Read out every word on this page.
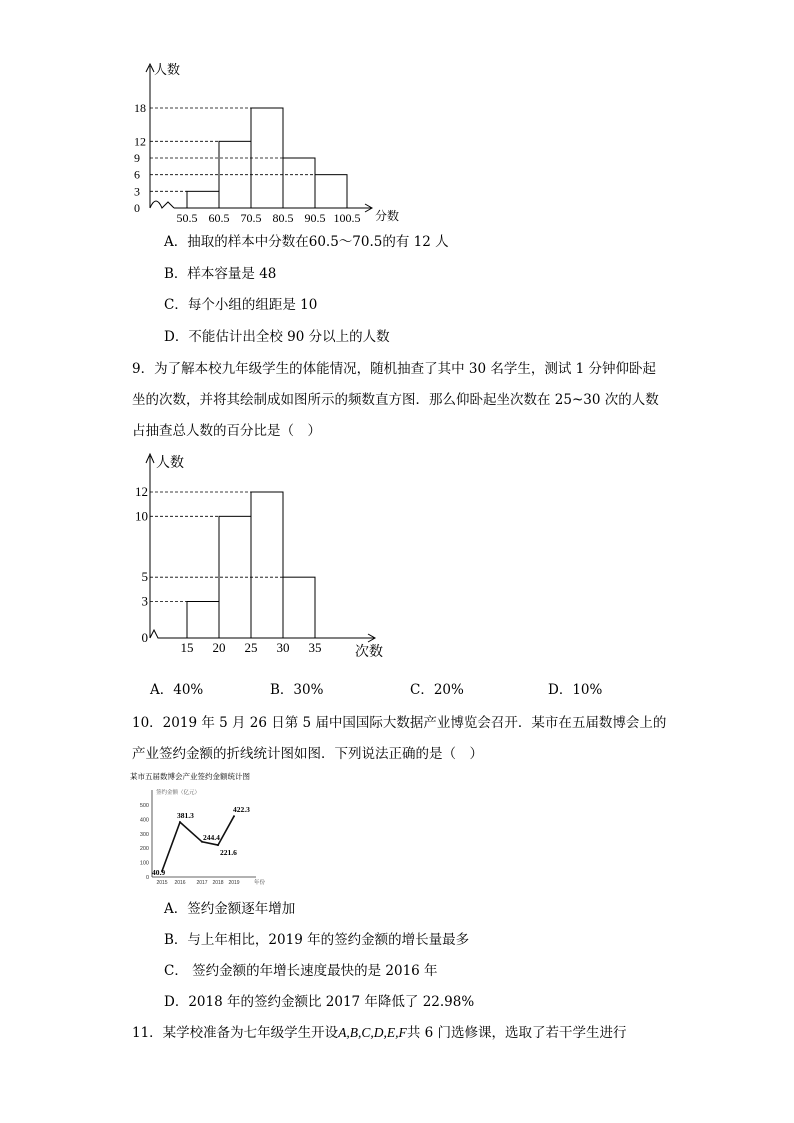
人数
分数
18
12
9
6
3
0
50.5 60.5 70.5 80.5 90.5 100.5
A．抽取的样本中分数在60.5～70.5的有 12 人
B．样本容量是 48
C．每个小组的组距是 10
D．不能估计出全校 90 分以上的人数
9．为了解本校九年级学生的体能情况，随机抽查了其中 30 名学生，测试 1 分钟仰卧起
坐的次数，并将其绘制成如图所示的频数直方图．那么仰卧起坐次数在 25~30 次的人数
占抽查总人数的百分比是（　）
人数
次数
12
10
5
3
0
15 20 25 30 35
A．40%	B．30%	C．20%	D．10%
10．2019 年 5 月 26 日第 5 届中国国际大数据产业博览会召开．某市在五届数博会上的
产业签约金额的折线统计图如图．下列说法正确的是（　）
某市五届数博会产业签约金额统计图
签约金额（亿元）
年份
500
400
300
200
100
0
40.9
381.3
244.4
221.6
422.3
2015 2016 2017 2018 2019
A．签约金额逐年增加
B．与上年相比，2019 年的签约金额的增长量最多
C． 签约金额的年增长速度最快的是 2016 年
D．2018 年的签约金额比 2017 年降低了 22.98%
11．某学校准备为七年级学生开设A,B,C,D,E,F共 6 门选修课，选取了若干学生进行
